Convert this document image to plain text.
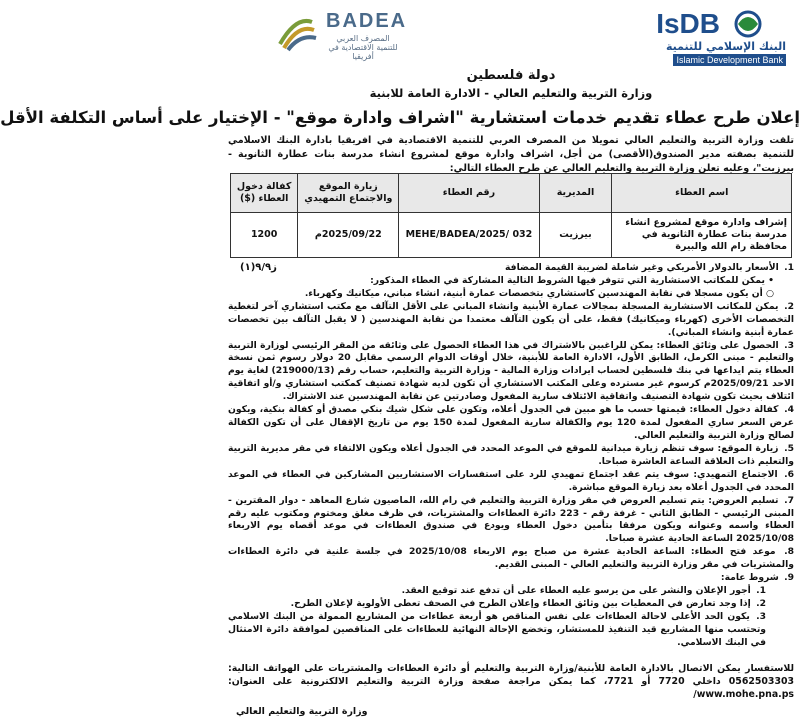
BADEA
المصرف العربي للتنمية الاقتصادية في أفريقيا
IsDB
البنك الإسلامي للتنمية
Islamic Development Bank
دولة فلسطين
وزارة التربية والتعليم العالي - الادارة العامة للابنية
إعلان طرح عطاء تقديم خدمات استشارية "اشراف وادارة موقع" - الإختيار على أساس التكلفة الأقل
تلقت وزارة التربية والتعليم العالي تمويلا من المصرف العربي للتنمية الاقتصادية في افريقيا بادارة البنك الاسلامي للتنمية بصفته مدير الصندوق(الأقصى) من أجل، اشراف وادارة موقع لمشروع انشاء مدرسة بنات عطارة الثانوية - بيرزيت"، وعليه تعلن وزارة التربية والتعليم العالي عن طرح العطاء التالي:
اسم العطاء	المديرية	رقم العطاء	زيارة الموقع والاجتماع التمهيدي	كفالة دخول العطاء ($)
إشراف وادارة موقع لمشروع انشاء مدرسة بنات عطارة الثانوية في محافظة رام الله والبيرة	بيرزيت	MEHE/BADEA/2025/ 032	2025/09/22م	1200

1. الأسعار بالدولار الأمريكي وغير شاملة لضريبة القيمة المضافة

• يمكن للمكاتب الاستشارية التي تتوفر فيها الشروط التالية المشاركة في العطاء المذكور:

○ أن يكون مسجلا في نقابة المهندسين كاستشاري بتخصصات عمارة أبنية، انشاء مباني، ميكانيك وكهرباء.

2. يمكن للمكاتب الاستشارية المسجلة بمجالات عمارة الأبنية وانشاء المباني على الأقل التآلف مع مكتب استشاري آخر لتغطية التخصصات الأخرى (كهرباء وميكانيك) فقط، على أن يكون التآلف معتمدا من نقابة المهندسين ( لا يقبل التآلف بين تخصصات عمارة أبنية وانشاء المباني).

3. الحصول على وثائق العطاء: يمكن للراغبين بالاشتراك في هذا العطاء الحصول على وثائقه من المقر الرئيسي لوزارة التربية والتعليم - مبنى الكرمل، الطابق الأول، الادارة العامة للأبنية، خلال أوقات الدوام الرسمي مقابل 20 دولار رسوم ثمن نسخة العطاء يتم ايداعها في بنك فلسطين لحساب ايرادات وزارة المالية - وزارة التربية والتعليم، حساب رقم (219000/13) لغاية يوم الاحد 2025/09/21م كرسوم غير مسترده وعلى المكتب الاستشاري أن تكون لديه شهادة تصنيف كمكتب استشاري و/أو اتفاقية ائتلاف بحيث تكون شهادة التصنيف واتفاقية الائتلاف سارية المفعول وصادرتين عن نقابة المهندسين عند الاشتراك.

4. كفالة دخول العطاء: قيمتها حسب ما هو مبين في الجدول أعلاه، وتكون على شكل شيك بنكي مصدق أو كفالة بنكية، ويكون عرض السعر ساري المفعول لمدة 120 يوم والكفالة سارية المفعول لمدة 150 يوم من تاريخ الإقفال على أن تكون الكفالة لصالح وزارة التربية والتعليم العالي.

5. زيارة الموقع: سوف تنظم زيارة ميدانية للموقع في الموعد المحدد في الجدول أعلاه ويكون الالتقاء في مقر مديرية التربية والتعليم ذات العلاقة الساعة العاشرة صباحا.

6. الاجتماع التمهيدي: سوف يتم عقد اجتماع تمهيدي للرد على استفسارات الاستشاريين المشاركين في العطاء في الموعد المحدد في الجدول أعلاه بعد زيارة الموقع مباشرة.

7. تسليم العروض: يتم تسليم العروض في مقر وزارة التربية والتعليم في رام الله، الماصيون شارع المعاهد - دوار المقترين - المبنى الرئيسي - الطابق الثاني - غرفة رقم - 223 دائرة العطاءات والمشتريات، في ظرف مغلق ومختوم ومكتوب عليه رقم العطاء واسمه وعنوانه ويكون مرفقا بتأمين دخول العطاء ويودع في صندوق العطاءات في موعد أقصاه يوم الاربعاء 2025/10/08 الساعة الحادية عشرة صباحا.

8. موعد فتح العطاء: الساعة الحادية عشرة من صباح يوم الاربعاء 2025/10/08 في جلسة علنية في دائرة العطاءات والمشتريات في مقر وزارة التربية والتعليم العالي - المبنى القديم.

9. شروط عامة:

1. أجور الإعلان والنشر على من يرسو عليه العطاء على أن تدفع عند توقيع العقد.

2. إذا وجد تعارض في المعطيات بين وثائق العطاء وإعلان الطرح في الصحف تعطى الأولوية لإعلان الطرح.

3. يكون الحد الأعلى لاحالة العطاءات على نفس المناقص هو أربعة عطاءات من المشاريع الممولة من البنك الاسلامي وتحتسب منها المشاريع قيد التنفيذ للمستشار، وتخضع الإحالة النهائية للعطاءات على المناقصين لموافقة دائرة الامتثال في البنك الاسلامي.

ز٩/٩(١)
للاستفسار يمكن الاتصال بالادارة العامة للأبنية/وزارة التربية والتعليم أو دائرة العطاءات والمشتريات على الهواتف التالية: 0562503303 داخلي 7720 أو 7721، كما يمكن مراجعة صفحة وزارة التربية والتعليم الالكترونية على العنوان: www.mohe.pna.ps/
وزارة التربية والتعليم العالي
